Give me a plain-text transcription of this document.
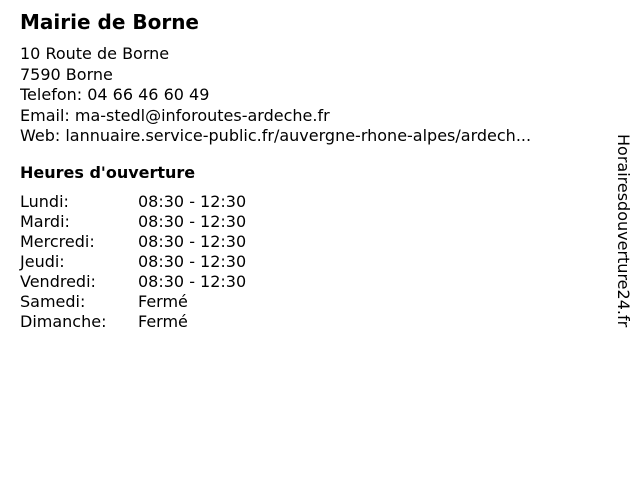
Mairie de Borne
10 Route de Borne
7590 Borne
Telefon: 04 66 46 60 49
Email: ma-stedl@inforoutes-ardeche.fr
Web: lannuaire.service-public.fr/auvergne-rhone-alpes/ardech...
Heures d'ouverture
Lundi:	08:30 - 12:30
Mardi:	08:30 - 12:30
Mercredi:	08:30 - 12:30
Jeudi:	08:30 - 12:30
Vendredi:	08:30 - 12:30
Samedi:	Fermé
Dimanche:	Fermé	Horairesdouverture24.fr
